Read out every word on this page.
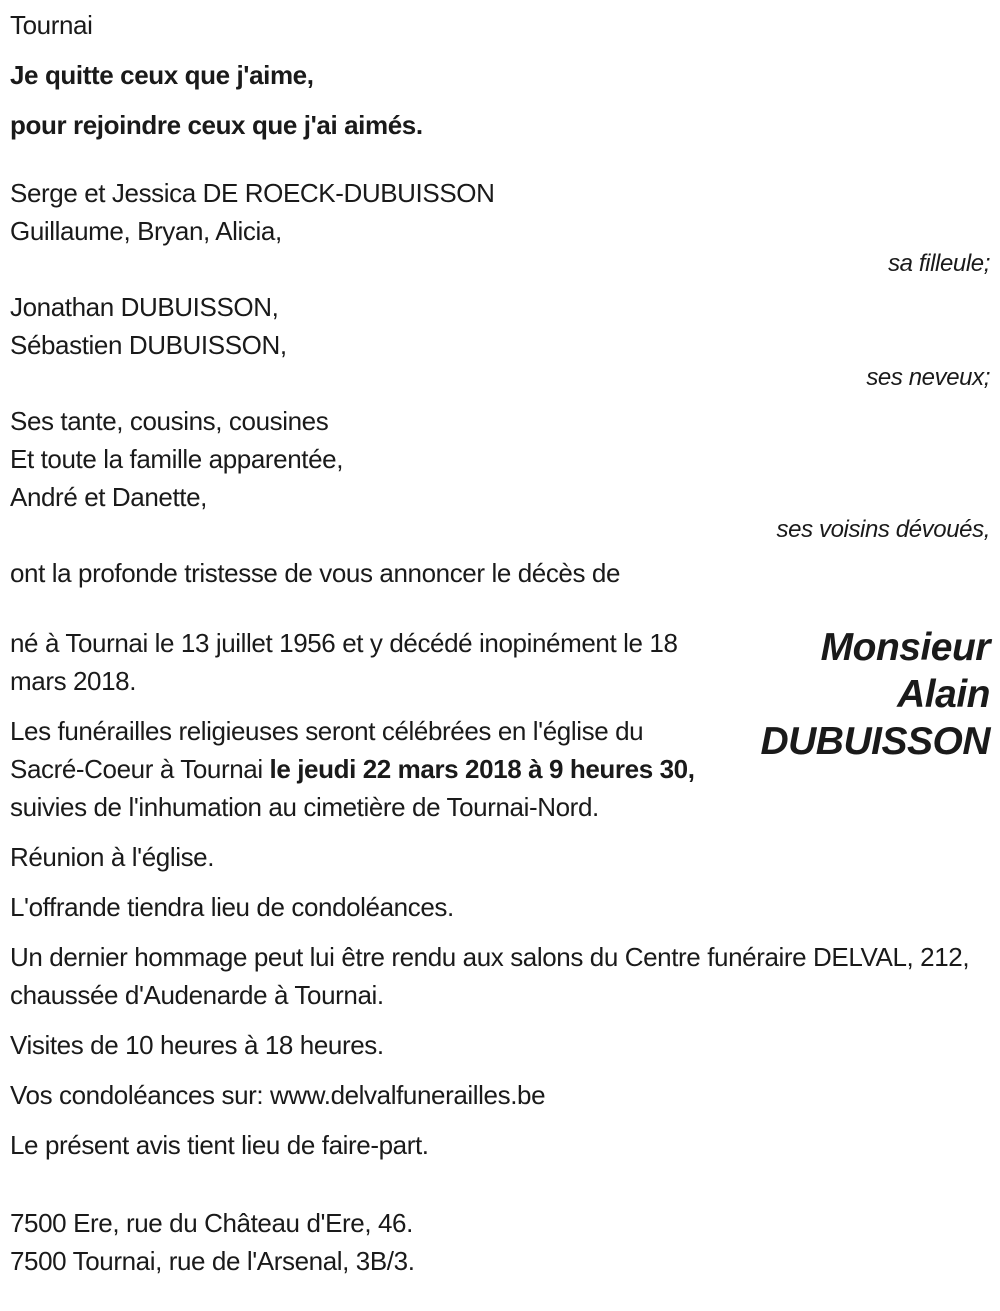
Tournai

Je quitte ceux que j'aime,

pour rejoindre ceux que j'ai aimés.

Serge et Jessica DE ROECK-DUBUISSON
Guillaume, Bryan, Alicia,
sa filleule;
Jonathan DUBUISSON,
Sébastien DUBUISSON,
ses neveux;
Ses tante, cousins, cousines
Et toute la famille apparentée,
André et Danette,
ses voisins dévoués,

ont la profonde tristesse de vous annoncer le décès de

Monsieur
Alain
DUBUISSON

né à Tournai le 13 juillet 1956 et y décédé inopinément le 18 mars 2018.

Les funérailles religieuses seront célébrées en l'église du Sacré-Coeur à Tournai le jeudi 22 mars 2018 à 9 heures 30, suivies de l'inhumation au cimetière de Tournai-Nord.

Réunion à l'église.

L'offrande tiendra lieu de condoléances.

Un dernier hommage peut lui être rendu aux salons du Centre funéraire DELVAL, 212, chaussée d'Audenarde à Tournai.

Visites de 10 heures à 18 heures.

Vos condoléances sur: www.delvalfunerailles.be

Le présent avis tient lieu de faire-part.

7500 Ere, rue du Château d'Ere, 46.
7500 Tournai, rue de l'Arsenal, 3B/3.
